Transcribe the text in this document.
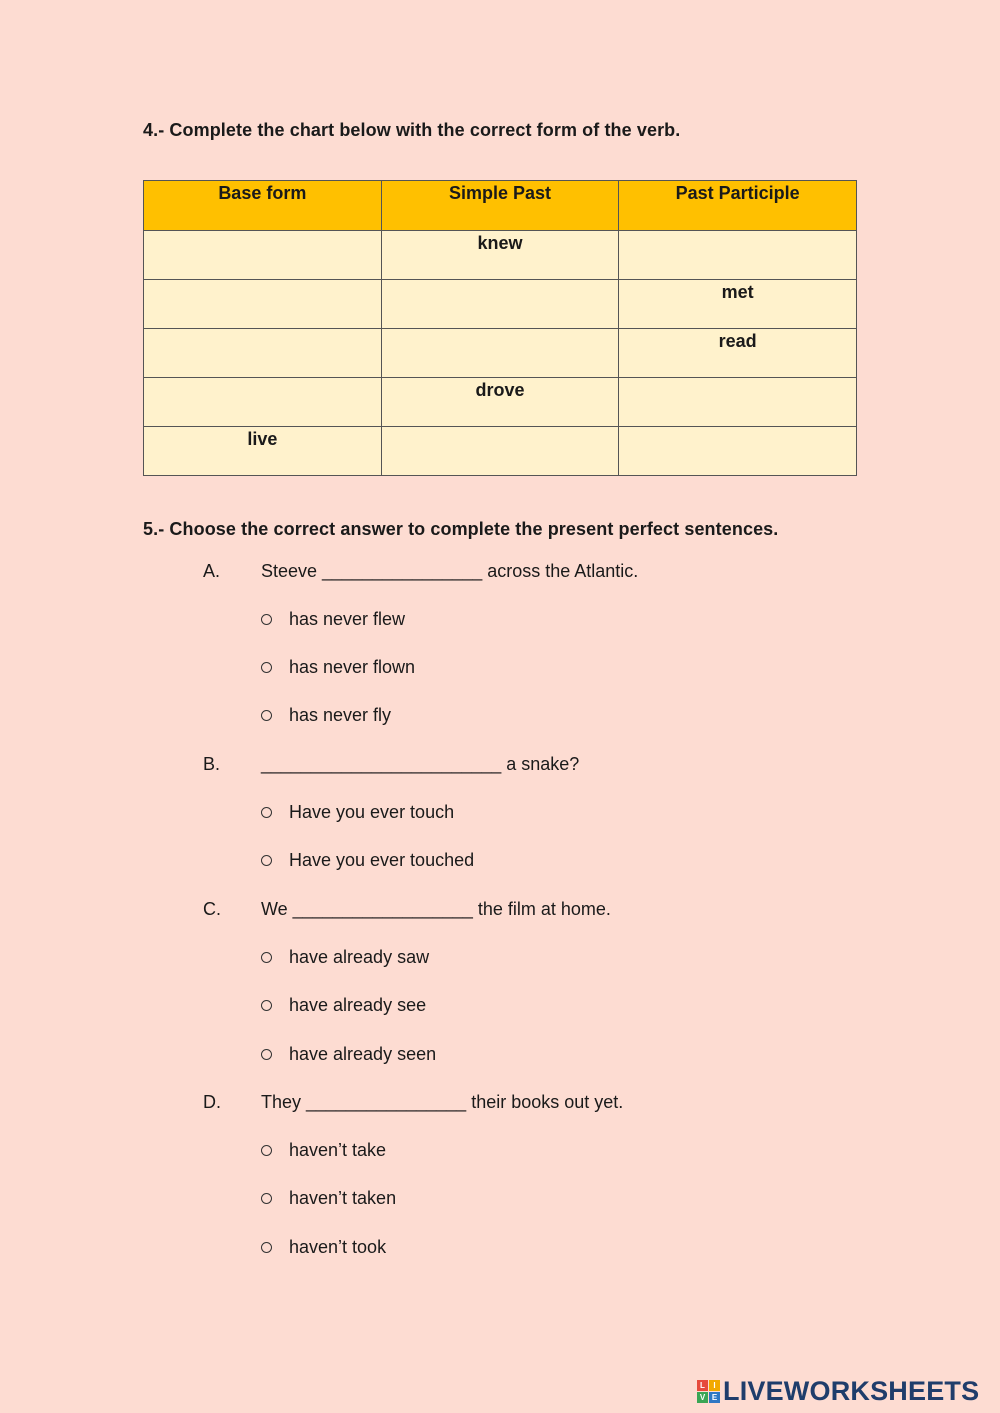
4.- Complete the chart below with the correct form of the verb.
Base form	Simple Past	Past Participle
	knew	
		met
		read
	drove	
live		
5.- Choose the correct answer to complete the present perfect sentences.
A. Steeve ________________ across the Atlantic.
has never flew
has never flown
has never fly
B. ________________________ a snake?
Have you ever touch
Have you ever touched
C. We __________________ the film at home.
have already saw
have already see
have already seen
D. They ________________ their books out yet.
haven’t take
haven’t taken
haven’t took
L	I
V E LIVEWORKSHEETS
